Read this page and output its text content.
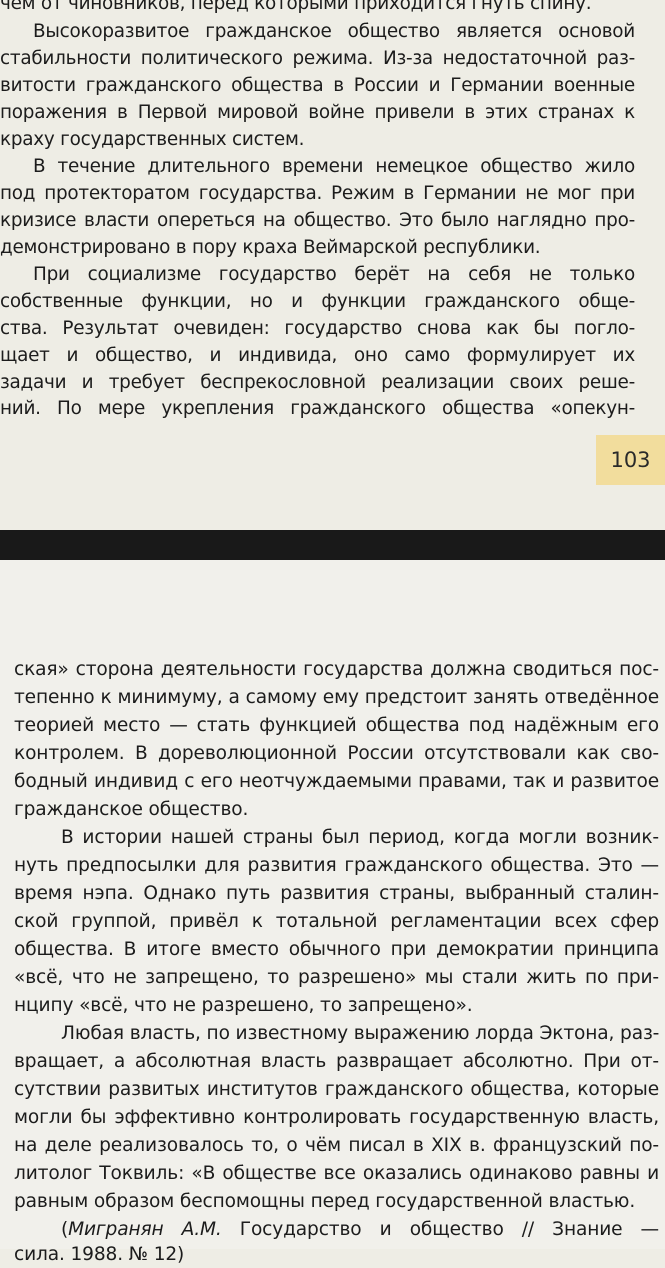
чем от чиновников, перед которыми приходится гнуть спину.
Высокоразвитое гражданское общество является основой
стабильности политического режима. Из-за недостаточной раз-
витости гражданского общества в России и Германии военные
поражения в Первой мировой войне привели в этих странах к
краху государственных систем.
В течение длительного времени немецкое общество жило
под протекторатом государства. Режим в Германии не мог при
кризисе власти опереться на общество. Это было наглядно про-
демонстрировано в пору краха Веймарской республики.
При социализме государство берёт на себя не только
собственные функции, но и функции гражданского обще-
ства. Результат очевиден: государство снова как бы погло-
щает и общество, и индивида, оно само формулирует их
задачи и требует беспрекословной реализации своих реше-
ний. По мере укрепления гражданского общества «опекун-
103
ская» сторона деятельности государства должна сводиться пос-
тепенно к минимуму, а самому ему предстоит занять отведённое
теорией место — стать функцией общества под надёжным его
контролем. В дореволюционной России отсутствовали как сво-
бодный индивид с его неотчуждаемыми правами, так и развитое
гражданское общество.
В истории нашей страны был период, когда могли возник-
нуть предпосылки для развития гражданского общества. Это —
время нэпа. Однако путь развития страны, выбранный сталин-
ской группой, привёл к тотальной регламентации всех сфер
общества. В итоге вместо обычного при демократии принципа
«всё, что не запрещено, то разрешено» мы стали жить по при-
нципу «всё, что не разрешено, то запрещено».
Любая власть, по известному выражению лорда Эктона, раз-
вращает, а абсолютная власть развращает абсолютно. При от-
сутствии развитых институтов гражданского общества, которые
могли бы эффективно контролировать государственную власть,
на деле реализовалось то, о чём писал в XIX в. французский по-
литолог Токвиль: «В обществе все оказались одинаково равны и
равным образом беспомощны перед государственной властью.
(Мигранян А.М. Государство и общество // Знание —
сила. 1988. № 12)
